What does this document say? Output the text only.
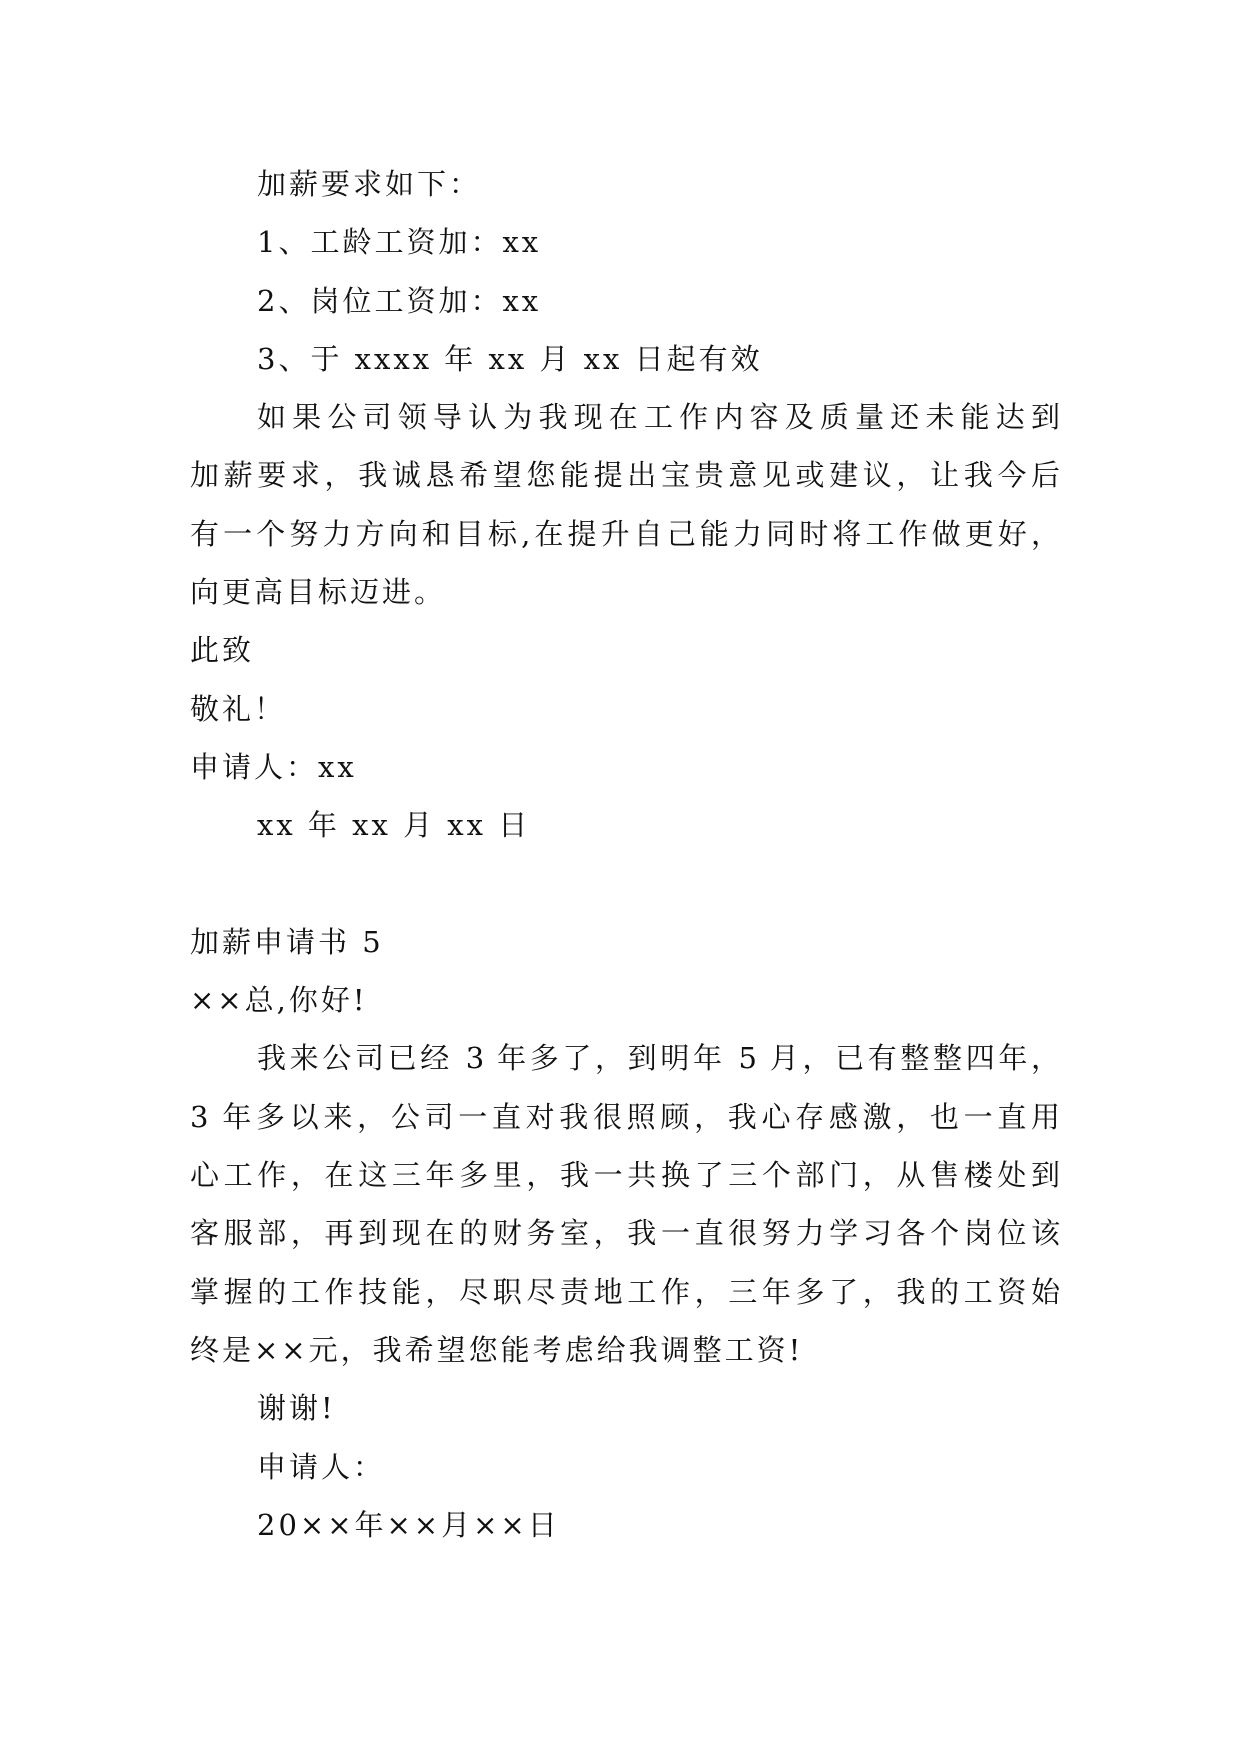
加薪要求如下：
1、工龄工资加：xx
2、岗位工资加：xx
3、于 xxxx 年 xx 月 xx 日起有效
如果公司领导认为我现在工作内容及质量还未能达到
加薪要求，我诚恳希望您能提出宝贵意见或建议，让我今后
有一个努力方向和目标,在提升自己能力同时将工作做更好，
向更高目标迈进。
此致
敬礼！
申请人：xx
xx 年 xx 月 xx 日
加薪申请书 5
××总,你好!
我来公司已经 3 年多了，到明年 5 月，已有整整四年，
3 年多以来，公司一直对我很照顾，我心存感激，也一直用
心工作，在这三年多里，我一共换了三个部门，从售楼处到
客服部，再到现在的财务室，我一直很努力学习各个岗位该
掌握的工作技能，尽职尽责地工作，三年多了，我的工资始
终是××元，我希望您能考虑给我调整工资!
谢谢!
申请人：
20××年××月××日
